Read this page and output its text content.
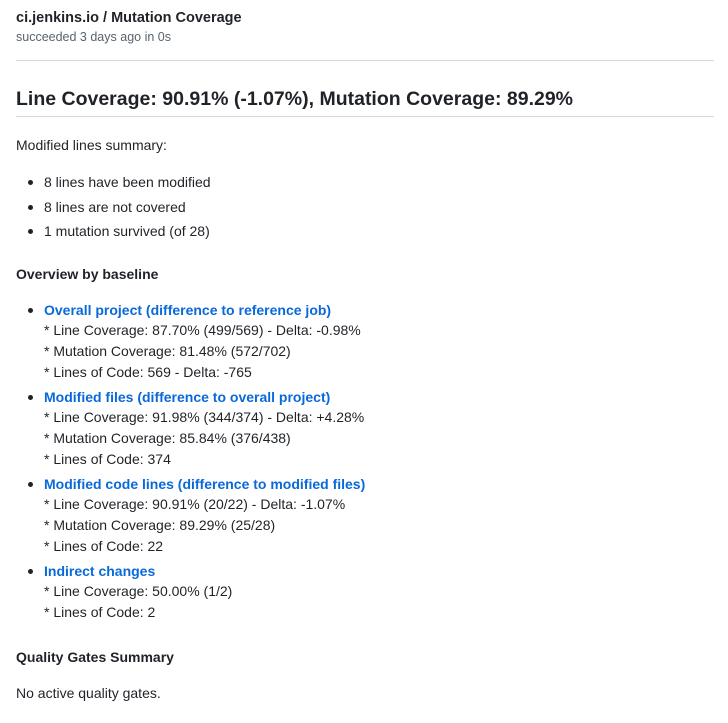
ci.jenkins.io / Mutation Coverage
succeeded 3 days ago in 0s
Line Coverage: 90.91% (-1.07%), Mutation Coverage: 89.29%
Modified lines summary:
8 lines have been modified
8 lines are not covered
1 mutation survived (of 28)
Overview by baseline
Overall project (difference to reference job)
* Line Coverage: 87.70% (499/569) - Delta: -0.98%
* Mutation Coverage: 81.48% (572/702)
* Lines of Code: 569 - Delta: -765
Modified files (difference to overall project)
* Line Coverage: 91.98% (344/374) - Delta: +4.28%
* Mutation Coverage: 85.84% (376/438)
* Lines of Code: 374
Modified code lines (difference to modified files)
* Line Coverage: 90.91% (20/22) - Delta: -1.07%
* Mutation Coverage: 89.29% (25/28)
* Lines of Code: 22
Indirect changes
* Line Coverage: 50.00% (1/2)
* Lines of Code: 2
Quality Gates Summary
No active quality gates.
